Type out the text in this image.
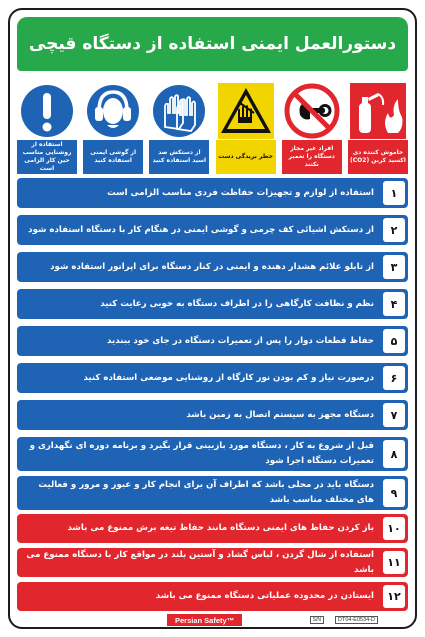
دستورالعمل ایمنی استفاده از دستگاه قیچی
خاموش کننده دی اکسید کربن (CO2)
افراد غیر مجاز دستگاه را تعمیر نکنند
خطر بریدگی دست
از دستکش ضد اسید استفاده کنید
از گوشی ایمنی استفاده کنید
استفاده از روشنایی مناسب حین کار الزامی است
۱
استفاده از لوازم و تجهیزات حفاظت فردی مناسب الزامی است
۲
از دستکش اشیائی کف چرمی و گوشی ایمنی در هنگام کار با دستگاه استفاده شود
۳
از تابلو علائم هشدار دهنده و ایمنی در کنار دستگاه برای اپراتور استفاده شود
۴
نظم و نظافت کارگاهی را در اطراف دستگاه به خوبی رعایت کنید
۵
حفاظ قطعات دوار را پس از تعمیرات دستگاه در جای خود ببندید
۶
درصورت نیاز و کم بودن نور کارگاه از روشنایی موضعی استفاده کنید
۷
دستگاه مجهز به سیستم اتصال به زمین باشد
۸
قبل از شروع به کار ، دستگاه مورد بازبینی قرار بگیرد و برنامه دوره ای نگهداری و تعمیرات دستگاه اجرا شود
۹
دستگاه باید در محلی باشد که اطراف آن برای انجام کار و عبور و مرور و فعالیت های مختلف مناسب باشد
۱۰
باز کردن حفاظ های ایمنی دستگاه مانند حفاظ تیغه برش ممنوع می باشد
۱۱
استفاده از شال گردن ، لباس گشاد و آستین بلند در مواقع کار با دستگاه ممنوع می باشد
۱۲
ایستادن در محدوده عملیاتی دستگاه ممنوع می باشد
Persian Safety™	S/N	DT04-E0534-D
